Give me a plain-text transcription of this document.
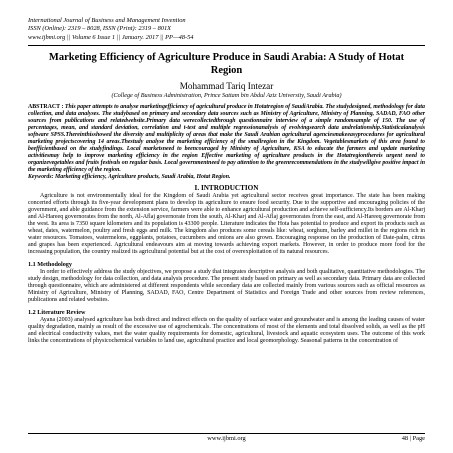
International Journal of Business and Management Invention
ISSN (Online): 2319 – 8028, ISSN (Print): 2319 – 801X
www.ijbmi.org || Volume 6 Issue 1 || January. 2017 || PP—48-54
Marketing Efficiency of Agriculture Produce in Saudi Arabia: A Study of Hotat Region
Mohammad Tariq Intezar
(College of Business Administration, Prince Sattam bin Abdul Aziz University, Saudi Arabia)
ABSTRACT : This paper attempts to analyse marketingefficiency of agricultural produce in Hotatregion of SaudiArabia. The studydesigned, methodology for data collection, and data analyses. The studybased on primary and secondary data sources such as Ministry of Agriculture, Ministry of Planning, SADAD, FAO other sources from publications and relatedwebsite.Primary data werecollectedthrough questionnaire interview of a simple randomsample of 150. The use of percentages, mean, and standard deviation, correlation and t-test and multiple regressionanalysis of evolvingsearch data andrelationship.Statisticalanalysis software SPSS.Thereinthisshowed the diversity and multiplicity of areas that make the Saudi Arabian agricultural agenciesmakeeasyprocedures for agricultural marketing projectscovering 14 areas.Thestudy analyse the marketing efficiency of the smallregion in the Kingdom. Vegetablesmarkets of this area found to beefficientbased on the studyfindings. Local marketsneed to beencouraged by Ministry of Agriculture, KSA to educate the farmers and update marketing activitiesmay help to improve marketing efficiency in the region Effective marketing of agriculture products in the Hotatregionthereis urgent need to organizevegetables and fruits festivals on regular basis. Local governmentneed to pay attention to the greenrecommendations in the studywillgive positive impact in the marketing efficiency of the region.
Keywords: Marketing efficiency, Agriculture products, Saudi Arabia, Hotat Region.
I. INTRODUCTION

Agriculture is not environmentally ideal for the Kingdom of Saudi Arabia yet agricultural sector receives great importance. The state has been making concerted efforts through its five-year development plans to develop its agriculture to ensure food security. Due to the supportive and encouraging policies of the government, and able guidance from the extension service, farmers were able to enhance agricultural production and achieve self-sufficiency.Its borders are Al-Kharj and Al-Hareeq governorates from the north, Al-Aflaj governorate from the south, Al-Kharj and Al-Aflaj governorates from the east, and Al-Hareeq governorate from the west. Its area is 7350 square kilometers and its population is 43300 people. Literature indicates the Hota has potential to produce and export its products such as wheat, dates, watermelon, poultry and fresh eggs and milk. The kingdom also produces some cereals like: wheat, sorghum, barley and millet in the regions rich in water resources. Tomatoes, watermelons, eggplants, potatoes, cucumbers and onions are also grown. Encouraging response on the production of Date-palm, citrus and grapes has been experienced. Agricultural endeavours aim at moving towards achieving export markets. However, in order to produce more food for the increasing population, the country realized its agricultural potential but at the cost of overexploitation of its natural resources.

1.1 Methodology

In order to effectively address the study objectives, we propose a study that integrates descriptive analysis and both qualitative, quantitative methodologies. The study design, methodology for data collection, and data analysis procedure. The present study based on primary as well as secondary data. Primary data are collected through questionnaire, which are administered at different respondents while secondary data are collected mainly from various sources such as official resources as Ministry of Agriculture, Ministry of Planning, SADAD, FAO, Centre Department of Statistics and Foreign Trade and other sources from review references, publications and related websites.

1.2 Literature Review

Ayana (2003) analysed agriculture has both direct and indirect effects on the quality of surface water and groundwater and is among the leading causes of water quality degradation, mainly as result of the excessive use of agrochemicals. The concentrations of most of the elements and total dissolved solids, as well as the pH and electrical conductivity values, met the water quality requirements for domestic, agricultural, livestock and aquatic ecosystem uses. The outcome of this work links the concentrations of physicochemical variables to land use, agricultural practice and local geomorphology. Seasonal patterns in the concentration of

www.ijbmi.org	48 | Page
